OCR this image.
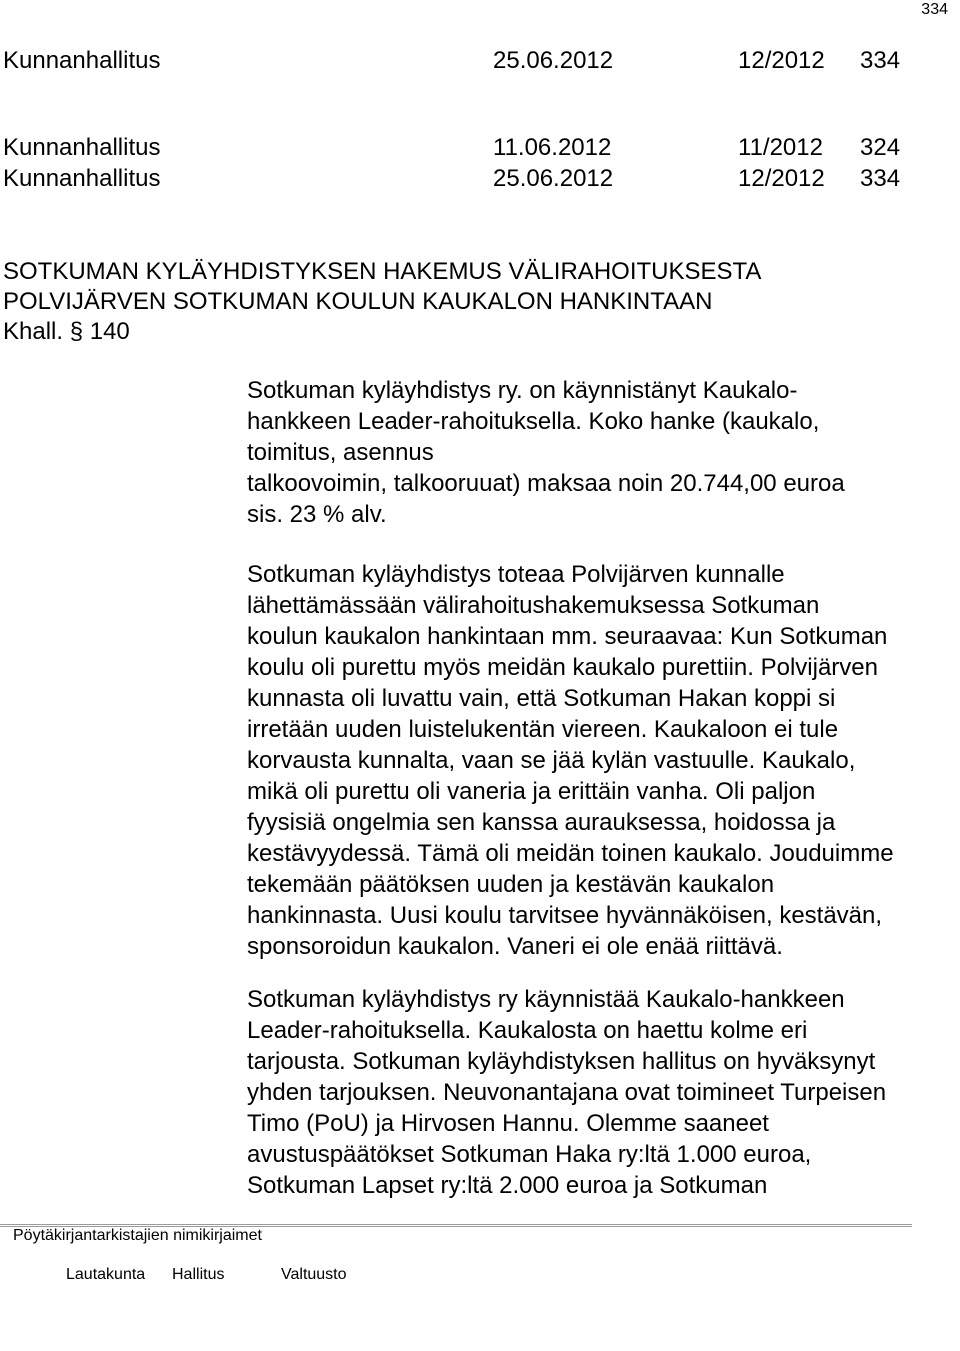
334
Kunnanhallitus	25.06.2012	12/2012 334
Kunnanhallitus	11.06.2012	11/2012 324
Kunnanhallitus	25.06.2012	12/2012 334
SOTKUMAN KYLÄYHDISTYKSEN HAKEMUS VÄLIRAHOITUKSESTA
POLVIJÄRVEN SOTKUMAN KOULUN KAUKALON HANKINTAAN
Khall. § 140

Sotkuman kyläyhdistys ry. on käynnistänyt Kaukalo-
hankkeen Leader-rahoituksella. Koko hanke (kaukalo,
toimitus, asennus
talkoovoimin, talkooruuat) maksaa noin 20.744,00 euroa
sis. 23 % alv.

Sotkuman kyläyhdistys toteaa Polvijärven kunnalle
lähettämässään välirahoitushakemuksessa Sotkuman
koulun kaukalon hankintaan mm. seuraavaa: Kun Sotkuman
koulu oli purettu myös meidän kaukalo purettiin. Polvijärven
kunnasta oli luvattu vain, että Sotkuman Hakan koppi si
irretään uuden luistelukentän viereen. Kaukaloon ei tule
korvausta kunnalta, vaan se jää kylän vastuulle. Kaukalo,
mikä oli purettu oli vaneria ja erittäin vanha. Oli paljon
fyysisiä ongelmia sen kanssa aurauksessa, hoidossa ja
kestävyydessä. Tämä oli meidän toinen kaukalo. Jouduimme
tekemään päätöksen uuden ja kestävän kaukalon
hankinnasta. Uusi koulu tarvitsee hyvännäköisen, kestävän,
sponsoroidun kaukalon. Vaneri ei ole enää riittävä.

Sotkuman kyläyhdistys ry käynnistää Kaukalo-hankkeen
Leader-rahoituksella. Kaukalosta on haettu kolme eri
tarjousta. Sotkuman kyläyhdistyksen hallitus on hyväksynyt
yhden tarjouksen. Neuvonantajana ovat toimineet Turpeisen
Timo (PoU) ja Hirvosen Hannu. Olemme saaneet
avustuspäätökset Sotkuman Haka ry:ltä 1.000 euroa,
Sotkuman Lapset ry:ltä 2.000 euroa ja Sotkuman

Pöytäkirjantarkistajien nimikirjaimet
Lautakunta Hallitus	Valtuusto
